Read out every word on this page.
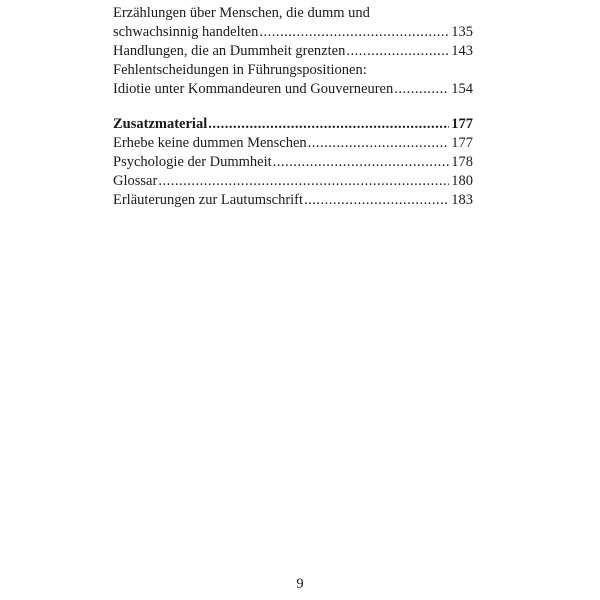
Erzählungen über Menschen, die dumm und
schwachsinnig handelten .....	135
Handlungen, die an Dummheit grenzten .....	143
Fehlentscheidungen in Führungspositionen:
Idiotie unter Kommandeuren und Gouverneuren .....	154
Zusatzmaterial .....	177
Erhebe keine dummen Menschen .....	177
Psychologie der Dummheit .....	178
Glossar .....	180
Erläuterungen zur Lautumschrift .....	183
9
